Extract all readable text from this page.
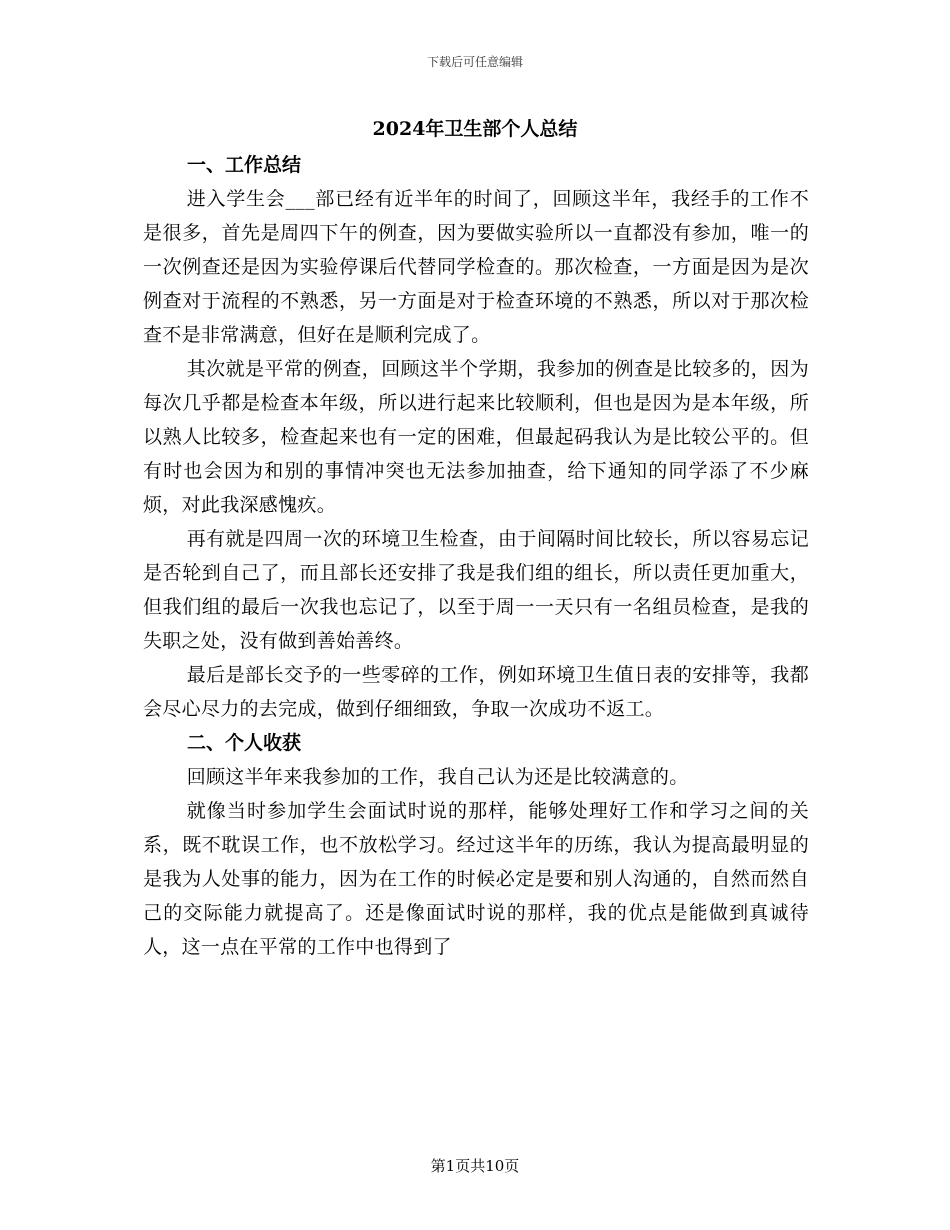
下载后可任意编辑
2024年卫生部个人总结

一、工作总结

进入学生会___部已经有近半年的时间了，回顾这半年，我经手的工作不是很多，首先是周四下午的例查，因为要做实验所以一直都没有参加，唯一的一次例查还是因为实验停课后代替同学检查的。那次检查，一方面是因为是次例查对于流程的不熟悉，另一方面是对于检查环境的不熟悉，所以对于那次检查不是非常满意，但好在是顺利完成了。

其次就是平常的例查，回顾这半个学期，我参加的例查是比较多的，因为每次几乎都是检查本年级，所以进行起来比较顺利，但也是因为是本年级，所以熟人比较多，检查起来也有一定的困难，但最起码我认为是比较公平的。但有时也会因为和别的事情冲突也无法参加抽查，给下通知的同学添了不少麻烦，对此我深感愧疚。

再有就是四周一次的环境卫生检查，由于间隔时间比较长，所以容易忘记是否轮到自己了，而且部长还安排了我是我们组的组长，所以责任更加重大，但我们组的最后一次我也忘记了，以至于周一一天只有一名组员检查，是我的失职之处，没有做到善始善终。

最后是部长交予的一些零碎的工作，例如环境卫生值日表的安排等，我都会尽心尽力的去完成，做到仔细细致，争取一次成功不返工。

二、个人收获

回顾这半年来我参加的工作，我自己认为还是比较满意的。

就像当时参加学生会面试时说的那样，能够处理好工作和学习之间的关系，既不耽误工作，也不放松学习。经过这半年的历练，我认为提高最明显的是我为人处事的能力，因为在工作的时候必定是要和别人沟通的，自然而然自己的交际能力就提高了。还是像面试时说的那样，我的优点是能做到真诚待人，这一点在平常的工作中也得到了

第1页共10页
